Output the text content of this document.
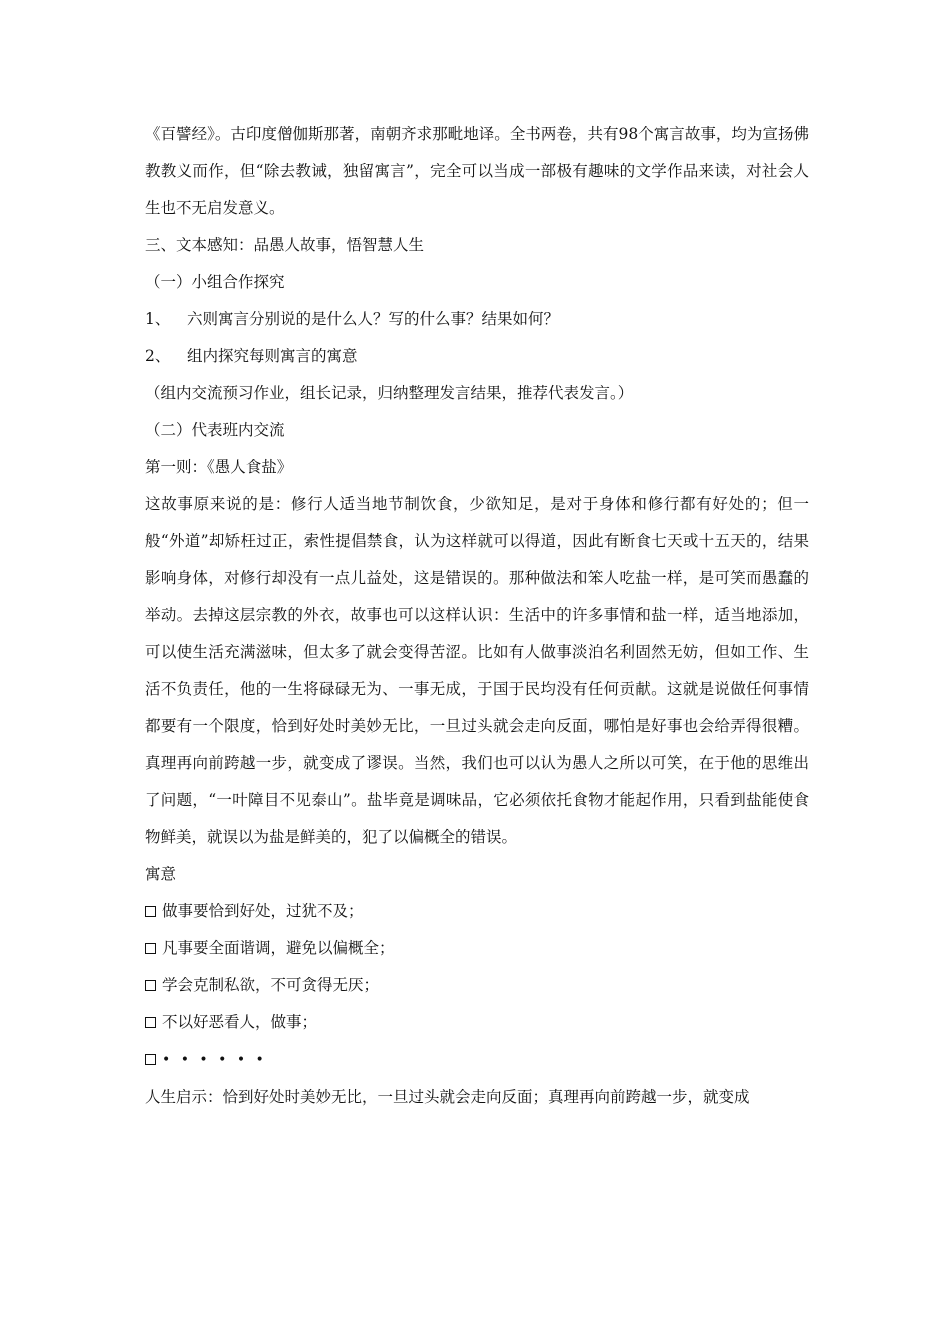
《百譬经》。古印度僧伽斯那著，南朝齐求那毗地译。全书两卷，共有98个寓言故事，均为宣扬佛教教义而作，但“除去教诫，独留寓言”，完全可以当成一部极有趣味的文学作品来读，对社会人生也不无启发意义。

三、文本感知：品愚人故事，悟智慧人生

（一）小组合作探究

1、 六则寓言分别说的是什么人？写的什么事？结果如何？

2、 组内探究每则寓言的寓意

（组内交流预习作业，组长记录，归纳整理发言结果，推荐代表发言。）

（二）代表班内交流

第一则：《愚人食盐》

这故事原来说的是：修行人适当地节制饮食，少欲知足，是对于身体和修行都有好处的；但一般“外道”却矫枉过正，索性提倡禁食，认为这样就可以得道，因此有断食七天或十五天的，结果影响身体，对修行却没有一点儿益处，这是错误的。那种做法和笨人吃盐一样，是可笑而愚蠢的举动。去掉这层宗教的外衣，故事也可以这样认识：生活中的许多事情和盐一样，适当地添加，可以使生活充满滋味，但太多了就会变得苦涩。比如有人做事淡泊名利固然无妨，但如工作、生活不负责任，他的一生将碌碌无为、一事无成，于国于民均没有任何贡献。这就是说做任何事情都要有一个限度，恰到好处时美妙无比，一旦过头就会走向反面，哪怕是好事也会给弄得很糟。真理再向前跨越一步，就变成了谬误。当然，我们也可以认为愚人之所以可笑，在于他的思维出了问题，“一叶障目不见泰山”。盐毕竟是调味品，它必须依托食物才能起作用，只看到盐能使食物鲜美，就误以为盐是鲜美的，犯了以偏概全的错误。

寓意

做事要恰到好处，过犹不及；

凡事要全面谐调，避免以偏概全；

学会克制私欲，不可贪得无厌；

不以好恶看人，做事；

• • • • • •

人生启示：恰到好处时美妙无比，一旦过头就会走向反面；真理再向前跨越一步，就变成
